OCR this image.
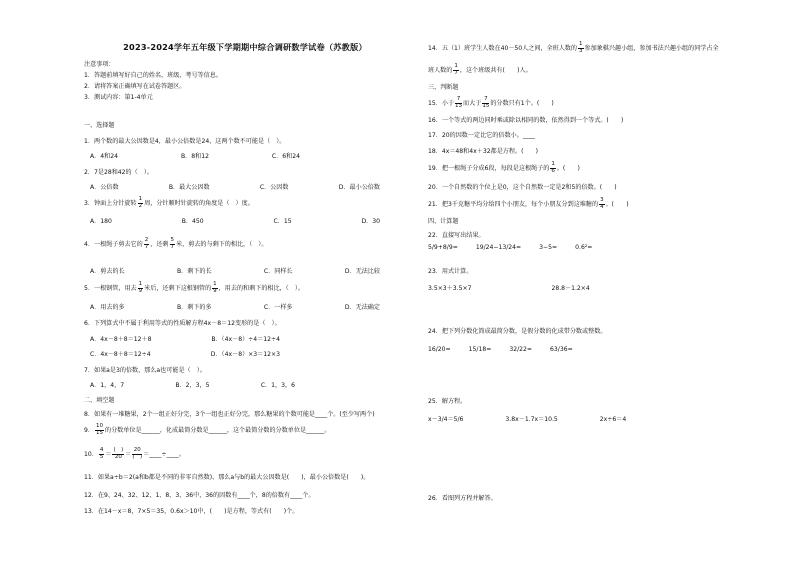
2023-2024学年五年级下学期期中综合调研数学试卷（苏教版）
注意事项：
1．答题前填写好自己的姓名、班级、考号等信息。
2．请将答案正确填写在试卷答题区。
3．测试内容：第1-4单元
一、选择题
1．两个数的最大公因数是4，最小公倍数是24，这两个数不可能是（　）。
A．4和24	B．8和12	C．6和24
2．7是28和42的（　）。
A．公倍数	B．最大公因数	C．公因数	D．最小公倍数
3．钟面上分针旋转 $\frac{1}{2}$ 周，分针顺时针旋转的角度是（　）度。
A．180	B．450	C．15	D．30
4．一根绳子剪去它的 $\frac{2}{7}$ ，还剩 $\frac{5}{7}$ 米，剪去的与剩下的相比，（　）。
A．剪去的长	B．剩下的长	C．同样长	D．无法比较
5．一根钢管，用去 $\frac{1}{9}$ 米后，还剩下这根钢管的 $\frac{1}{9}$ ，用去的和剩下的相比，（　）。
A．用去的多	B．剩下的多	C．一样多	D．无法确定
6．下列算式中不属于利用等式的性质解方程4x－8＝12变形的是（　）。
A．4x－8＋8＝12＋8	B．（4x－8）÷4＝12÷4
C．4x－8＋8＝12÷4	D．（4x－8）×3＝12×3
7．如果a是3的倍数，那么a也可能是（　）。
A．1，4，7	B．2，3，5	C．1，3，6
二、填空题
8．如果有一堆糖果，2个一组正好分完，3个一组也正好分完，那么糖果的个数可能是____个。(至少写两个)
9． $\frac{10}{15}$ 的分数单位是______，化成最简分数是______，这个最简分数的分数单位是______。
10． $\frac{4}{5} = \frac{( )}{20} = \frac{20}{( )}$ ＝____÷____。
11．如果a÷b＝2(a和b都是不同的非零自然数)，那么a与b的最大公因数是(　　)，最小公倍数是(　　)。
12．在9、24、32、12、1、8、3、36中，36的因数有____个，8的倍数有____个。
13．在14－x＝8，7×5＝35，0.6x＞10中，(　　)是方程，等式有(　　)个。
14．五（1）班学生人数在40－50人之间，全班人数的 $\frac{1}{3}$ 参加象棋兴趣小组，参加书法兴趣小组的同学占全
班人数的 $\frac{1}{7}$ ，这个班级共有(　　)人。
三、判断题
15．小于 $\frac{7}{13}$ 而大于 $\frac{7}{15}$ 的分数只有1个。(　　)
16．一个等式的两边同时乘或除以相同的数，依然得到一个等式。(　　)
17．20的因数一定比它的倍数小。____
18．4x＝48和4x＋32都是方程。(　　)
19．把一根绳子分成6段，每段是这根绳子的 $\frac{1}{6}$ 。(　　)
20．一个自然数的个位上是0，这个自然数一定是2和5的倍数。(　　)
21．把3千克糖平均分给四个小朋友，每个小朋友分到这堆糖的 $\frac{3}{4}$ 。(　　)
四、计算题
22．直接写出结果。
5/9+8/9=	19/24−13/24=	3−5=	0.6²=
23．用式计算。
3.5×3＋3.5×7	28.8－1.2×4
24．把下列分数化简成最简分数，是假分数的化成带分数或整数。
16/20=	15/18=	32/22=	63/36=
25．解方程。
x－3/4＝5/6	3.8x－1.7x＝10.5	2x÷6＝4
26．看图列方程并解答。
